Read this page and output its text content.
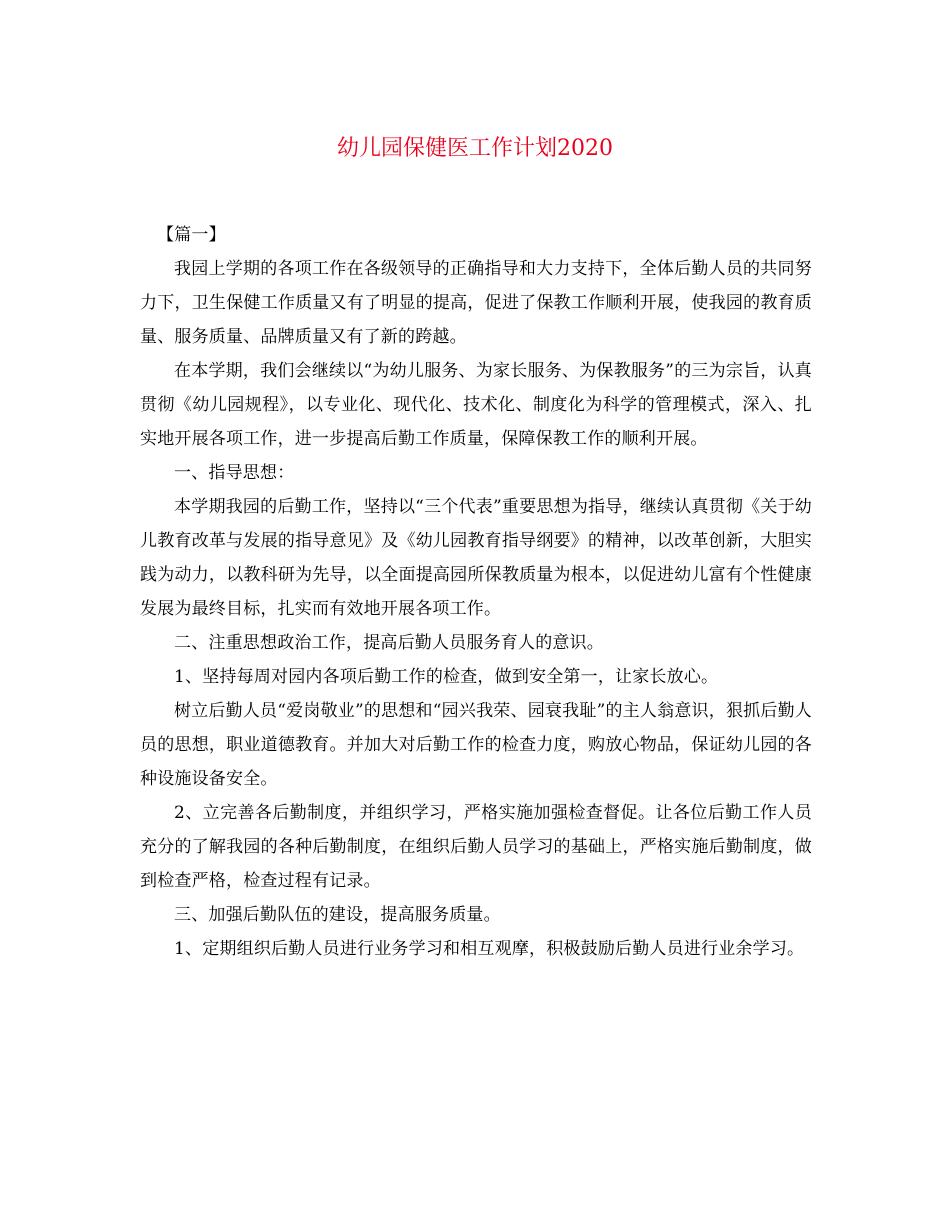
幼儿园保健医工作计划2020

【篇一】

我园上学期的各项工作在各级领导的正确指导和大力支持下，全体后勤人员的共同努力下，卫生保健工作质量又有了明显的提高，促进了保教工作顺利开展，使我园的教育质量、服务质量、品牌质量又有了新的跨越。

在本学期，我们会继续以“为幼儿服务、为家长服务、为保教服务”的三为宗旨，认真贯彻《幼儿园规程》，以专业化、现代化、技术化、制度化为科学的管理模式，深入、扎实地开展各项工作，进一步提高后勤工作质量，保障保教工作的顺利开展。

一、指导思想：

本学期我园的后勤工作，坚持以“三个代表”重要思想为指导，继续认真贯彻《关于幼儿教育改革与发展的指导意见》及《幼儿园教育指导纲要》的精神，以改革创新，大胆实践为动力，以教科研为先导，以全面提高园所保教质量为根本，以促进幼儿富有个性健康发展为最终目标，扎实而有效地开展各项工作。

二、注重思想政治工作，提高后勤人员服务育人的意识。

1、坚持每周对园内各项后勤工作的检查，做到安全第一，让家长放心。

树立后勤人员“爱岗敬业”的思想和“园兴我荣、园衰我耻”的主人翁意识，狠抓后勤人员的思想，职业道德教育。并加大对后勤工作的检查力度，购放心物品，保证幼儿园的各种设施设备安全。

2、立完善各后勤制度，并组织学习，严格实施加强检查督促。让各位后勤工作人员充分的了解我园的各种后勤制度，在组织后勤人员学习的基础上，严格实施后勤制度，做到检查严格，检查过程有记录。

三、加强后勤队伍的建设，提高服务质量。

1、定期组织后勤人员进行业务学习和相互观摩，积极鼓励后勤人员进行业余学习。
